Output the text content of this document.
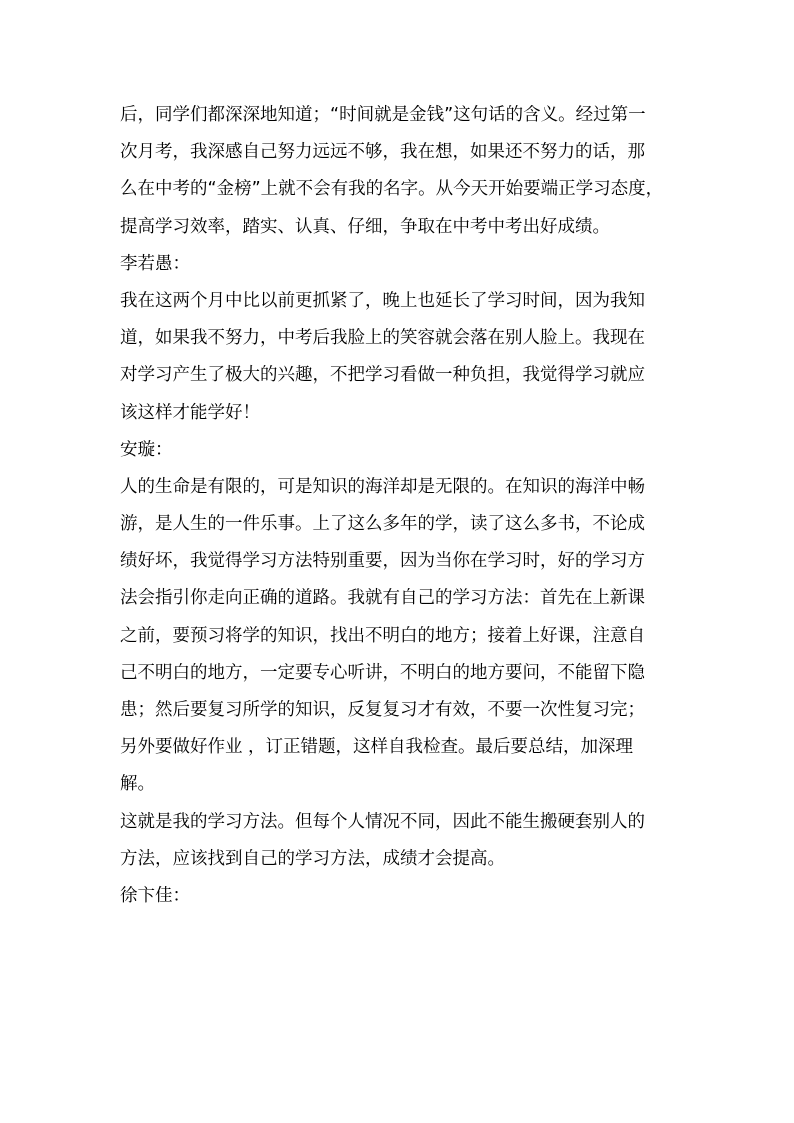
后，同学们都深深地知道；“时间就是金钱”这句话的含义。经过第一
次月考，我深感自己努力远远不够，我在想，如果还不努力的话，那
么在中考的“金榜”上就不会有我的名字。从今天开始要端正学习态度，
提高学习效率，踏实、认真、仔细，争取在中考中考出好成绩。
李若愚：
我在这两个月中比以前更抓紧了，晚上也延长了学习时间，因为我知
道，如果我不努力，中考后我脸上的笑容就会落在别人脸上。我现在
对学习产生了极大的兴趣，不把学习看做一种负担，我觉得学习就应
该这样才能学好！
安璇：
人的生命是有限的，可是知识的海洋却是无限的。在知识的海洋中畅
游，是人生的一件乐事。上了这么多年的学，读了这么多书，不论成
绩好坏，我觉得学习方法特别重要，因为当你在学习时，好的学习方
法会指引你走向正确的道路。我就有自己的学习方法：首先在上新课
之前，要预习将学的知识，找出不明白的地方；接着上好课，注意自
己不明白的地方，一定要专心听讲，不明白的地方要问，不能留下隐
患；然后要复习所学的知识，反复复习才有效，不要一次性复习完；
另外要做好作业 ，订正错题，这样自我检查。最后要总结，加深理
解。
这就是我的学习方法。但每个人情况不同，因此不能生搬硬套别人的
方法，应该找到自己的学习方法，成绩才会提高。
徐卞佳：
